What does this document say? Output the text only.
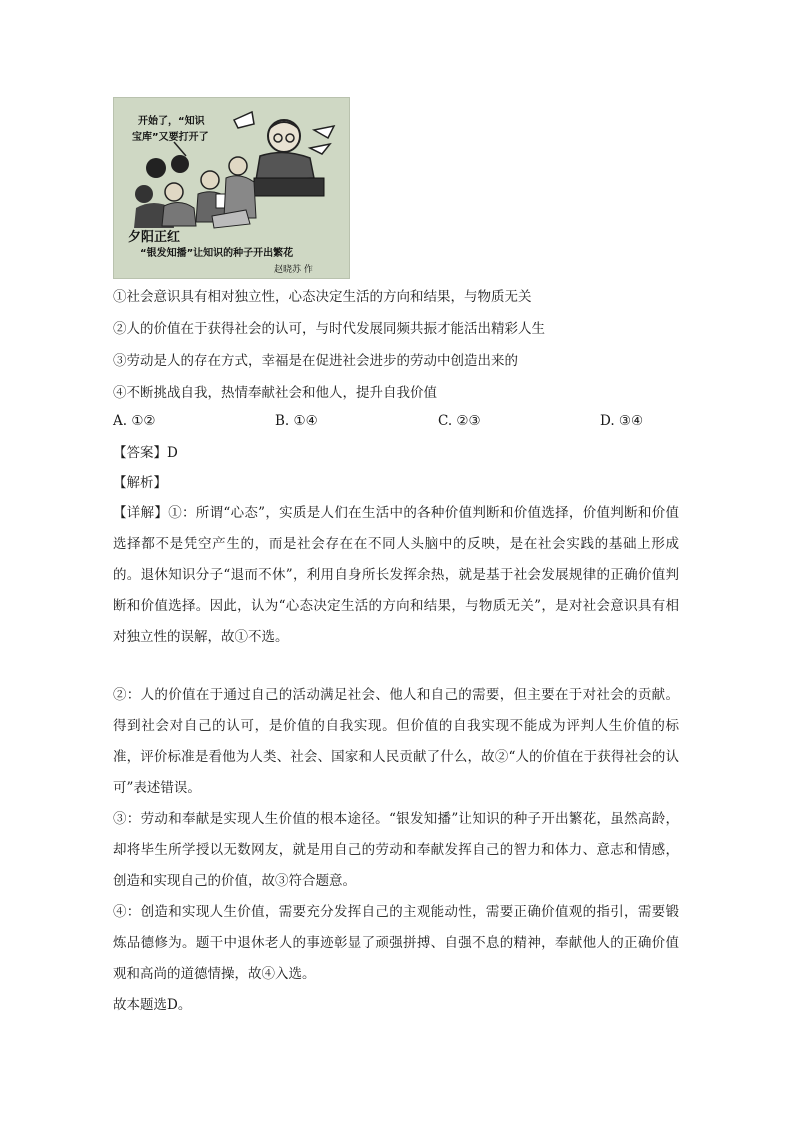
开始了，“知识
宝库”又要打开了
夕阳正红
“银发知播”让知识的种子开出繁花
赵晓苏 作
①社会意识具有相对独立性，心态决定生活的方向和结果，与物质无关
②人的价值在于获得社会的认可，与时代发展同频共振才能活出精彩人生
③劳动是人的存在方式，幸福是在促进社会进步的劳动中创造出来的
④不断挑战自我，热情奉献社会和他人，提升自我价值
A. ①②	B. ①④	C. ②③	D. ③④
【答案】D
【解析】
【详解】①：所谓“心态”，实质是人们在生活中的各种价值判断和价值选择，价值判断和价值选择都不是凭空产生的，而是社会存在在不同人头脑中的反映，是在社会实践的基础上形成的。退休知识分子“退而不休”，利用自身所长发挥余热，就是基于社会发展规律的正确价值判断和价值选择。因此，认为“心态决定生活的方向和结果，与物质无关”，是对社会意识具有相对独立性的误解，故①不选。
②：人的价值在于通过自己的活动满足社会、他人和自己的需要，但主要在于对社会的贡献。得到社会对自己的认可，是价值的自我实现。但价值的自我实现不能成为评判人生价值的标准，评价标准是看他为人类、社会、国家和人民贡献了什么，故②“人的价值在于获得社会的认可”表述错误。
③：劳动和奉献是实现人生价值的根本途径。“银发知播”让知识的种子开出繁花，虽然高龄，却将毕生所学授以无数网友，就是用自己的劳动和奉献发挥自己的智力和体力、意志和情感，创造和实现自己的价值，故③符合题意。
④：创造和实现人生价值，需要充分发挥自己的主观能动性，需要正确价值观的指引，需要锻炼品德修为。题干中退休老人的事迹彰显了顽强拼搏、自强不息的精神，奉献他人的正确价值观和高尚的道德情操，故④入选。
故本题选D。
